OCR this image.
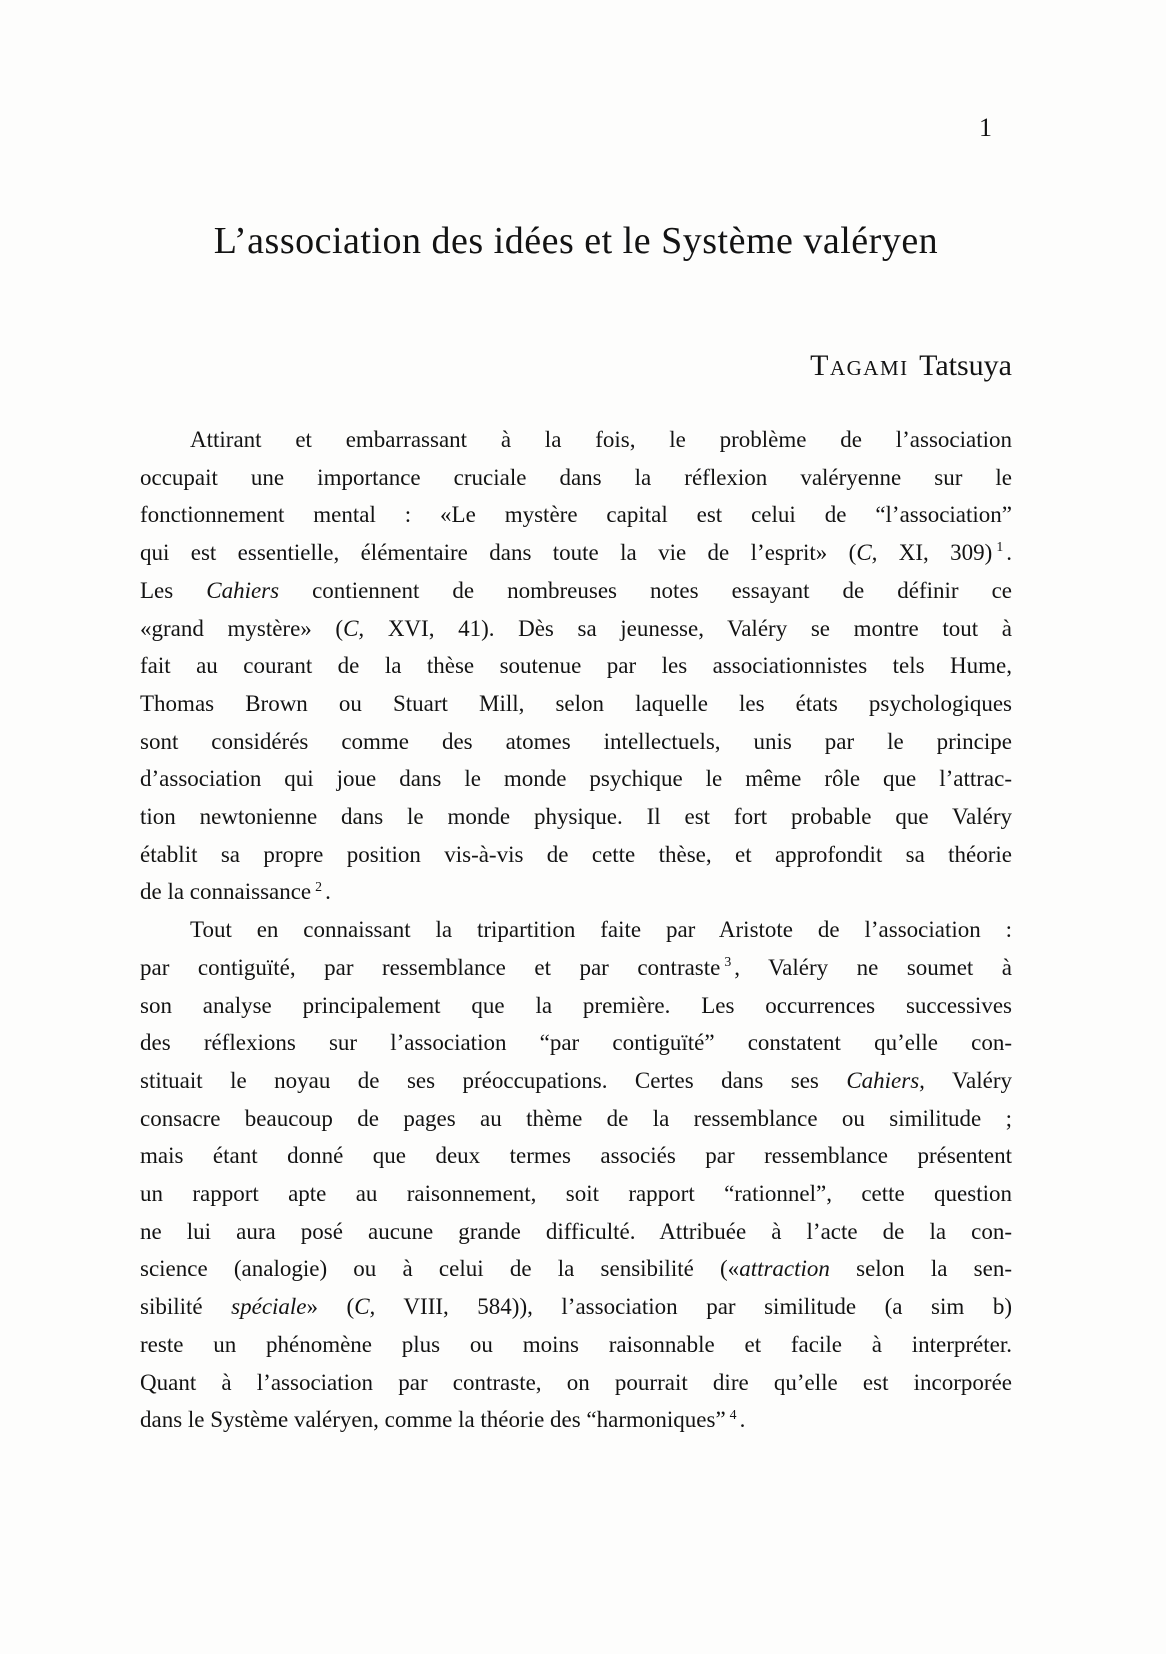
1
L’association des idées et le Système valéryen
Tagami Tatsuya
Attirant et embarrassant à la fois, le problème de l’association
occupait une importance cruciale dans la réflexion valéryenne sur le
fonctionnement mental : «Le mystère capital est celui de “l’association”
qui est essentielle, élémentaire dans toute la vie de l’esprit» (C, XI, 309) $^1$ .
Les Cahiers contiennent de nombreuses notes essayant de définir ce
«grand mystère» (C, XVI, 41). Dès sa jeunesse, Valéry se montre tout à
fait au courant de la thèse soutenue par les associationnistes tels Hume,
Thomas Brown ou Stuart Mill, selon laquelle les états psychologiques
sont considérés comme des atomes intellectuels, unis par le principe
d’association qui joue dans le monde psychique le même rôle que l’attrac-
tion newtonienne dans le monde physique. Il est fort probable que Valéry
établit sa propre position vis-à-vis de cette thèse, et approfondit sa théorie
de la connaissance $^2$ .
Tout en connaissant la tripartition faite par Aristote de l’association :
par contiguïté, par ressemblance et par contraste $^3$ , Valéry ne soumet à
son analyse principalement que la première. Les occurrences successives
des réflexions sur l’association “par contiguïté” constatent qu’elle con-
stituait le noyau de ses préoccupations. Certes dans ses Cahiers, Valéry
consacre beaucoup de pages au thème de la ressemblance ou similitude ;
mais étant donné que deux termes associés par ressemblance présentent
un rapport apte au raisonnement, soit rapport “rationnel”, cette question
ne lui aura posé aucune grande difficulté. Attribuée à l’acte de la con-
science (analogie) ou à celui de la sensibilité («attraction selon la sen-
sibilité spéciale» (C, VIII, 584)), l’association par similitude (a sim b)
reste un phénomène plus ou moins raisonnable et facile à interpréter.
Quant à l’association par contraste, on pourrait dire qu’elle est incorporée
dans le Système valéryen, comme la théorie des “harmoniques” $^4$ .
